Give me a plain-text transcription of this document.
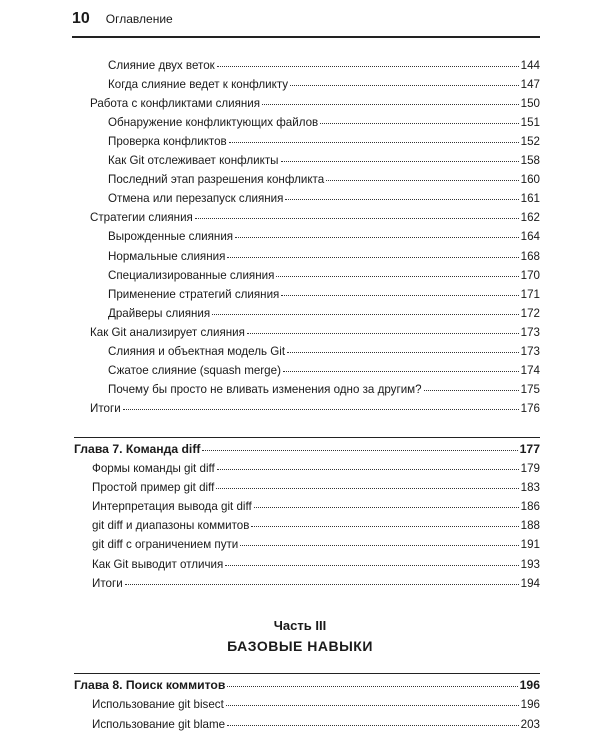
10 Оглавление
Слияние двух веток	144
Когда слияние ведет к конфликту	147
Работа с конфликтами слияния	150
Обнаружение конфликтующих файлов	151
Проверка конфликтов	152
Как Git отслеживает конфликты	158
Последний этап разрешения конфликта	160
Отмена или перезапуск слияния	161
Стратегии слияния	162
Вырожденные слияния	164
Нормальные слияния	168
Специализированные слияния	170
Применение стратегий слияния	171
Драйверы слияния	172
Как Git анализирует слияния	173
Слияния и объектная модель Git	173
Сжатое слияние (squash merge)	174
Почему бы просто не вливать изменения одно за другим?	175
Итоги	176
Глава 7. Команда diff	177
Формы команды git diff	179
Простой пример git diff	183
Интерпретация вывода git diff	186
git diff и диапазоны коммитов	188
git diff с ограничением пути	191
Как Git выводит отличия	193
Итоги	194
Часть III
БАЗОВЫЕ НАВЫКИ
Глава 8. Поиск коммитов	196
Использование git bisect	196
Использование git blame	203
